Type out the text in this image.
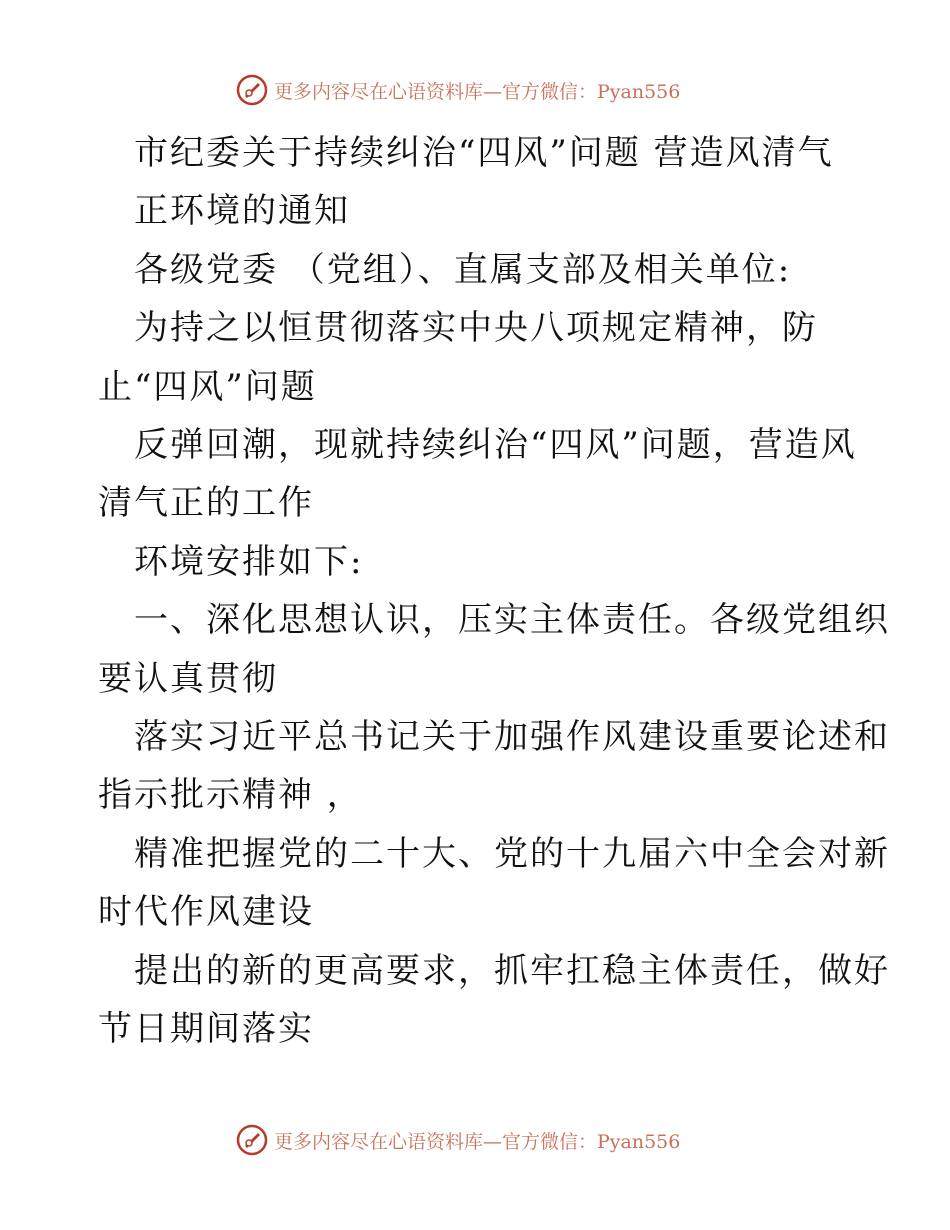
更多内容尽在心语资料库—官方微信：Pyan556
市纪委关于持续纠治“四风”问题 营造风清气
正环境的通知
各级党委 （党组）、直属支部及相关单位:
为持之以恒贯彻落实中央八项规定精神，防
止“四风”问题
反弹回潮，现就持续纠治“四风”问题，营造风
清气正的工作
环境安排如下:
一、深化思想认识，压实主体责任。各级党组织
要认真贯彻
落实习近平总书记关于加强作风建设重要论述和
指示批示精神 ，
精准把握党的二十大、党的十九届六中全会对新
时代作风建设
提出的新的更高要求，抓牢扛稳主体责任，做好
节日期间落实
更多内容尽在心语资料库—官方微信：Pyan556
